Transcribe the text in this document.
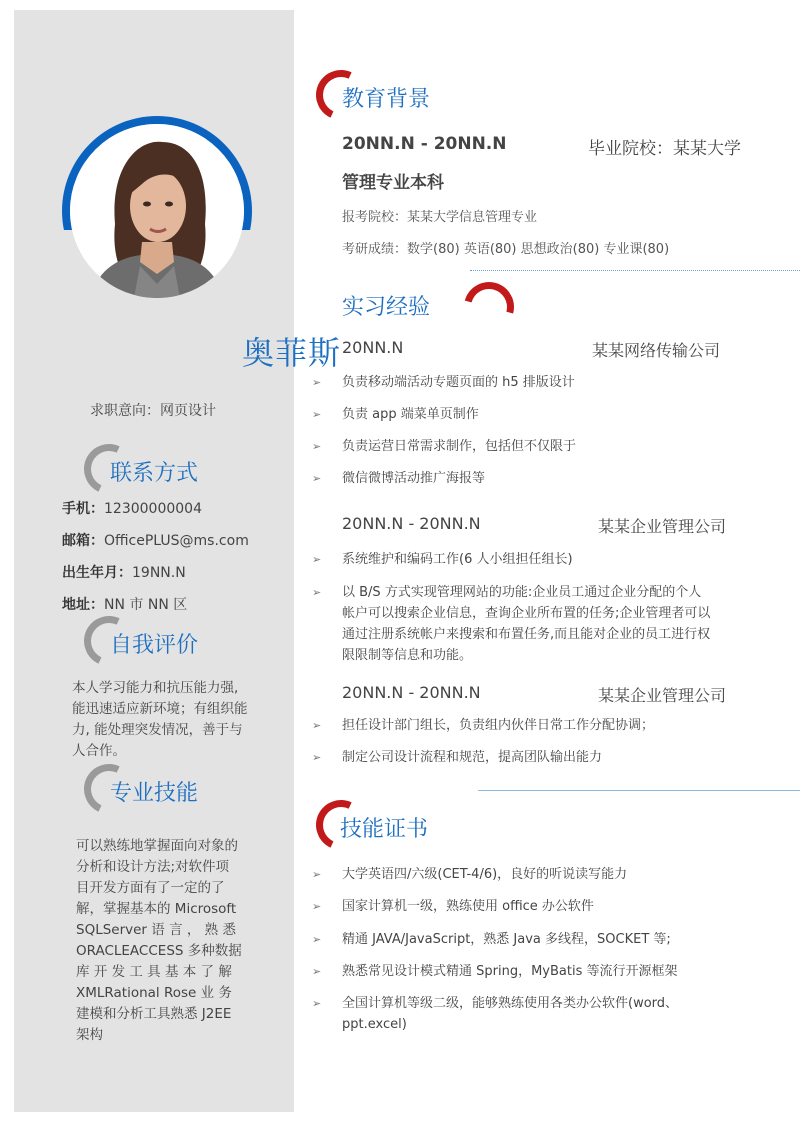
奥菲斯
求职意向：网页设计
联系方式
手机：12300000004
邮箱：OfficePLUS@ms.com
出生年月：19NN.N
地址：NN 市 NN 区
自我评价
本人学习能力和抗压能力强,
能迅速适应新环境；有组织能
力, 能处理突发情况，善于与
人合作。
专业技能
可以熟练地掌握面向对象的
分析和设计方法;对软件项
目开发方面有了一定的了
解，掌握基本的 Microsoft
SQLServer 语 言 ， 熟 悉
ORACLEACCESS 多种数据
库 开 发 工 具 基 本 了 解
XMLRational Rose 业 务
建模和分析工具熟悉 J2EE
架构
教育背景
20NN.N - 20NN.N	毕业院校：某某大学
管理专业本科
报考院校：某某大学信息管理专业
考研成绩：数学(80) 英语(80) 思想政治(80) 专业课(80)
实习经验
20NN.N	某某网络传输公司
➢ 负责移动端活动专题页面的 h5 排版设计
➢ 负责 app 端菜单页制作
➢ 负责运营日常需求制作，包括但不仅限于
➢ 微信微博活动推广海报等
20NN.N - 20NN.N	某某企业管理公司
➢ 系统维护和编码工作(6 人小组担任组长)
➢ 以 B/S 方式实现管理网站的功能:企业员工通过企业分配的个人
帐户可以搜索企业信息，查询企业所布置的任务;企业管理者可以
通过注册系统帐户来搜索和布置任务,而且能对企业的员工进行权
限限制等信息和功能。
20NN.N - 20NN.N	某某企业管理公司
➢ 担任设计部门组长，负责组内伙伴日常工作分配协调；
➢ 制定公司设计流程和规范，提高团队输出能力
技能证书
➢ 大学英语四/六级(CET-4/6)，良好的听说读写能力
➢ 国家计算机一级，熟练使用 office 办公软件
➢ 精通 JAVA/JavaScript，熟悉 Java 多线程，SOCKET 等;
➢ 熟悉常见设计模式精通 Spring，MyBatis 等流行开源框架
➢ 全国计算机等级二级，能够熟练使用各类办公软件(word、
ppt.excel)
